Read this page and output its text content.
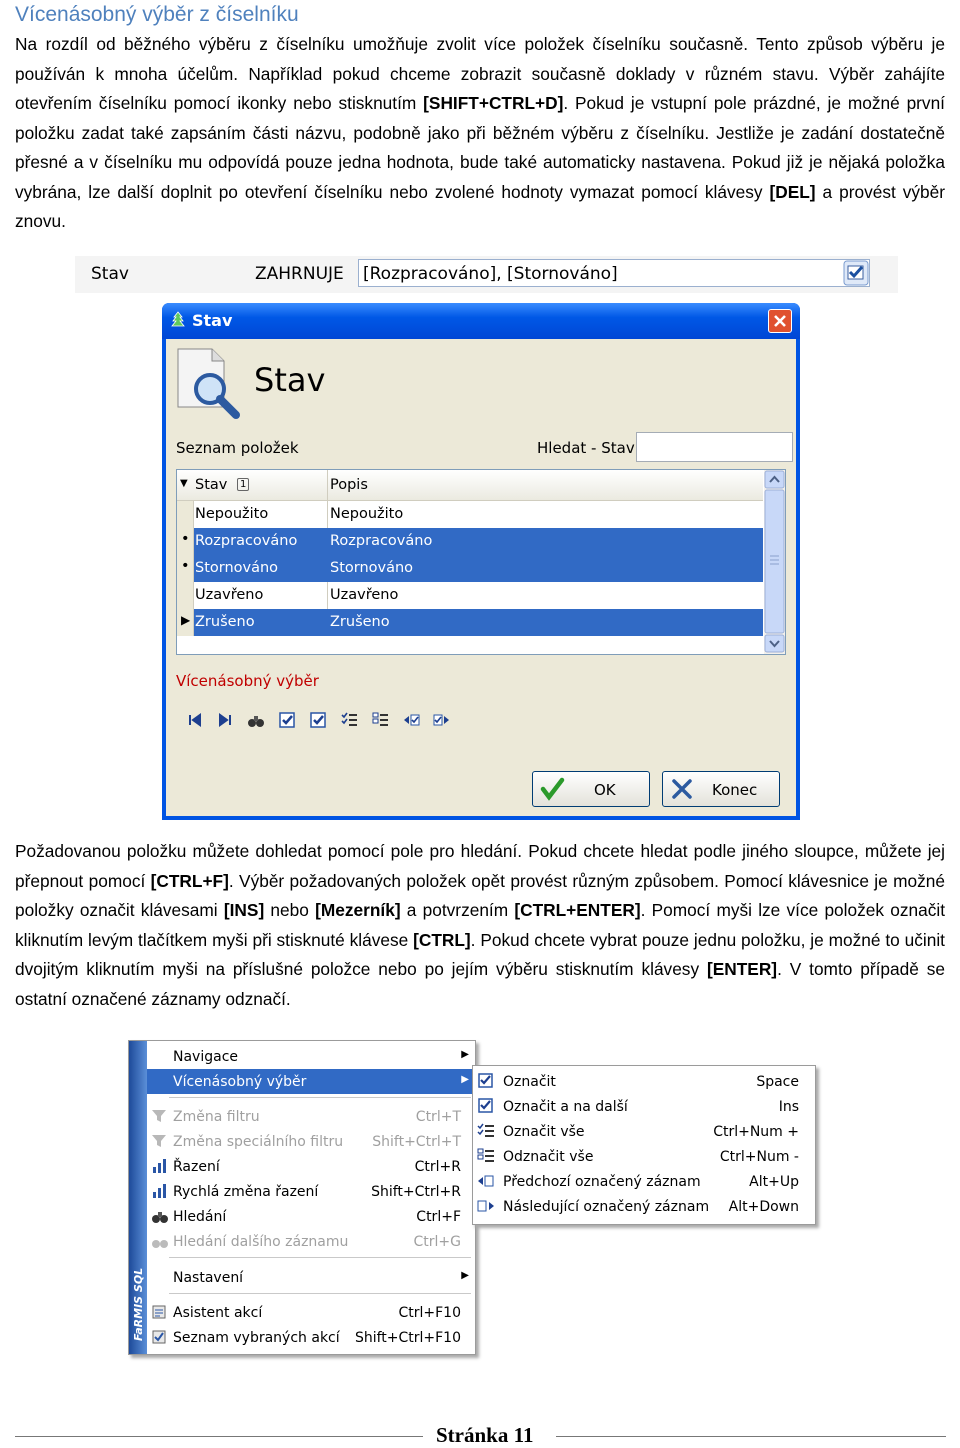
Vícenásobný výběr z číselníku
Na rozdíl od běžného výběru z číselníku umožňuje zvolit více položek číselníku současně. Tento způsob výběru je používán k mnoha účelům. Například pokud chceme zobrazit současně doklady v různém stavu. Výběr zahájíte otevřením číselníku pomocí ikonky nebo stisknutím [SHIFT+CTRL+D]. Pokud je vstupní pole prázdné, je možné první položku zadat také zapsáním části názvu, podobně jako při běžném výběru z číselníku. Jestliže je zadání dostatečně přesné a v číselníku mu odpovídá pouze jedna hodnota, bude také automaticky nastavena. Pokud již je nějaká položka vybrána, lze další doplnit po otevření číselníku nebo zvolené hodnoty vymazat pomocí klávesy [DEL] a provést výběr znovu.
Stav	ZAHRNUJE [Rozpracováno], [Stornováno]
Stav
Stav
Seznam položek	Hledat - Stav
▼ Stav	1	Popis
Nepoužito	Nepoužito
• Rozpracováno Rozpracováno
• Stornováno	Stornováno
Uzavřeno	Uzavřeno
▶ Zrušeno	Zrušeno
Vícenásobný výběr
OK	Konec
Požadovanou položku můžete dohledat pomocí pole pro hledání. Pokud chcete hledat podle jiného sloupce, můžete jej přepnout pomocí [CTRL+F]. Výběr požadovaných položek opět provést různým způsobem. Pomocí klávesnice je možné položky označit klávesami [INS] nebo [Mezerník] a potvrzením [CTRL+ENTER]. Pomocí myši lze více položek označit kliknutím levým tlačítkem myši při stisknuté klávese [CTRL]. Pokud chcete vybrat pouze jednu položku, je možné to učinit dvojitým kliknutím myši na příslušné položce nebo po jejím výběru stisknutím klávesy [ENTER]. V tomto případě se ostatní označené záznamy odznačí.
FaRMIS SQL
Navigace	▶
Vícenásobný výběr	▶
Změna filtru	Ctrl+T
Změna speciálního filtru Shift+Ctrl+T
Řazení	Ctrl+R
Rychlá změna řazení	Shift+Ctrl+R
Hledání	Ctrl+F
Hledání dalšího záznamu	Ctrl+G
Nastavení	▶
Asistent akcí	Ctrl+F10
Seznam vybraných akcí Shift+Ctrl+F10
Označit	Space
Označit a na další	Ins
Označit vše	Ctrl+Num +
Odznačit vše	Ctrl+Num -
Předchozí označený záznam	Alt+Up
Následující označený záznam Alt+Down
Stránka 11
